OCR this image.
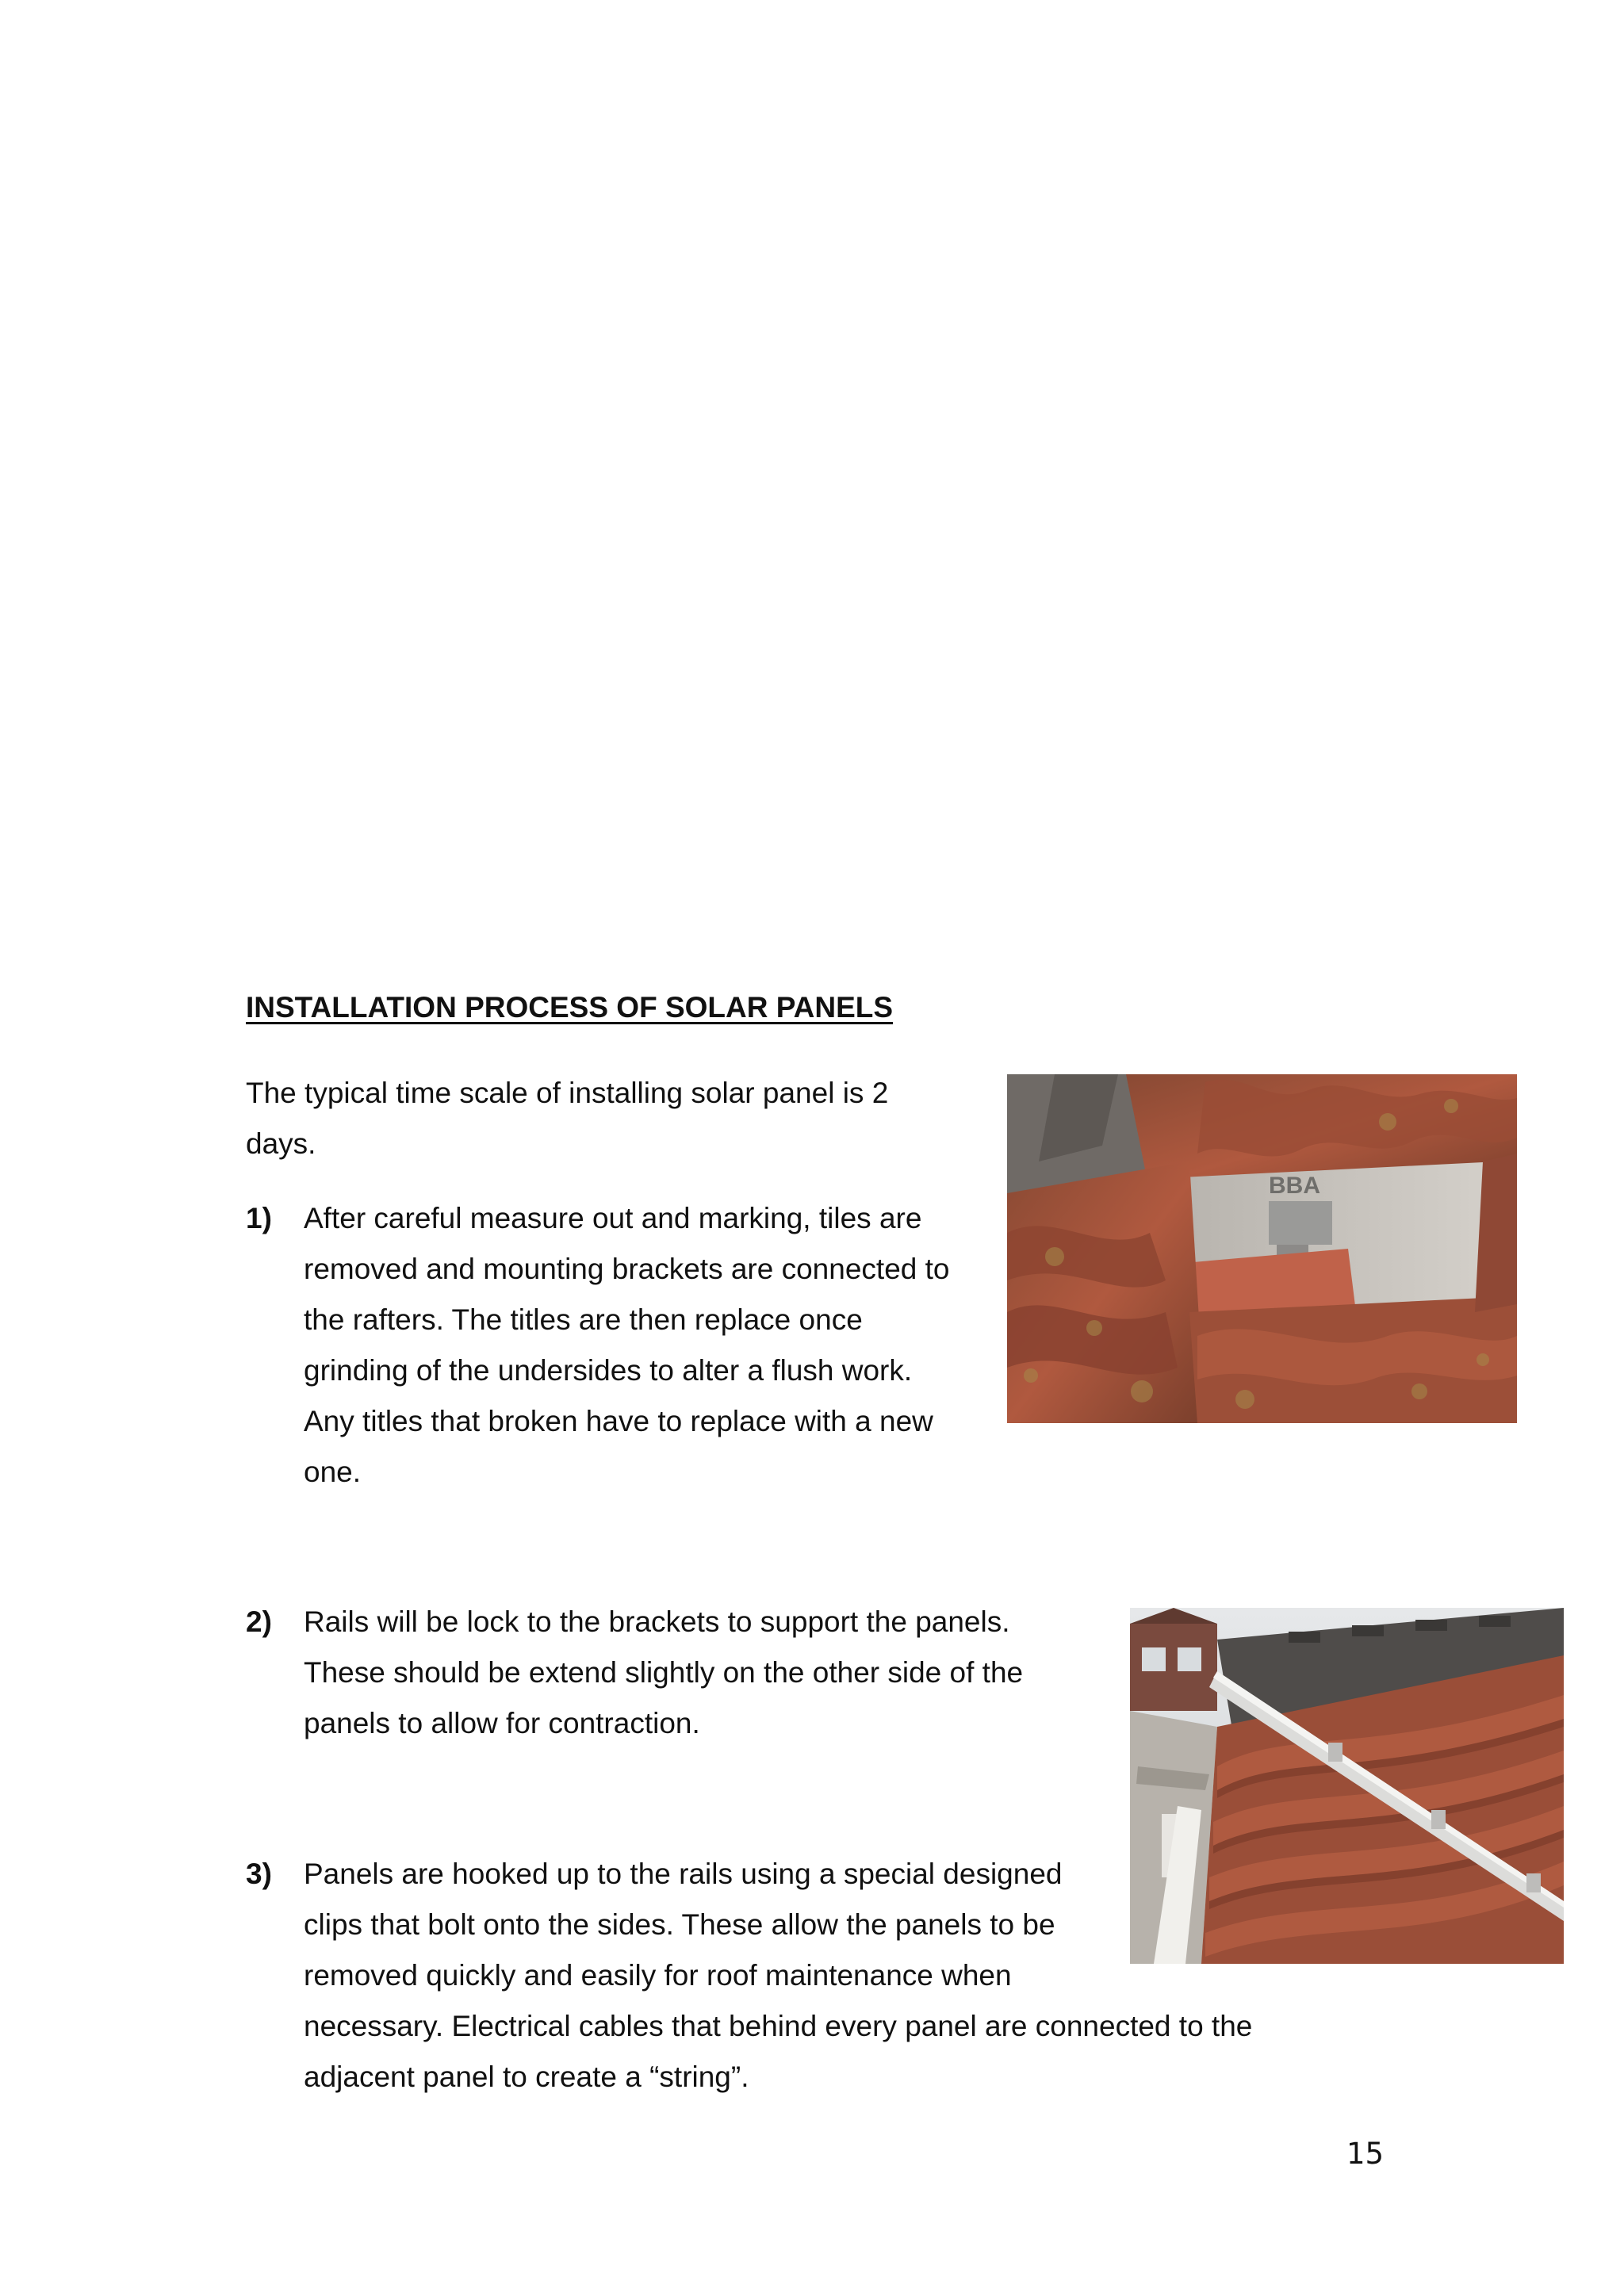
INSTALLATION PROCESS OF SOLAR PANELS
The typical time scale of installing solar panel is 2
days.
1) After careful measure out and marking, tiles are
removed and mounting brackets are connected to
the rafters. The titles are then replace once
grinding of the undersides to alter a flush work.
Any titles that broken have to replace with a new
one.
2) Rails will be lock to the brackets to support the panels.
These should be extend slightly on the other side of the
panels to allow for contraction.
3) Panels are hooked up to the rails using a special designed
clips that bolt onto the sides. These allow the panels to be
removed quickly and easily for roof maintenance when
necessary. Electrical cables that behind every panel are connected to the
adjacent panel to create a “string”.
BBA
15
